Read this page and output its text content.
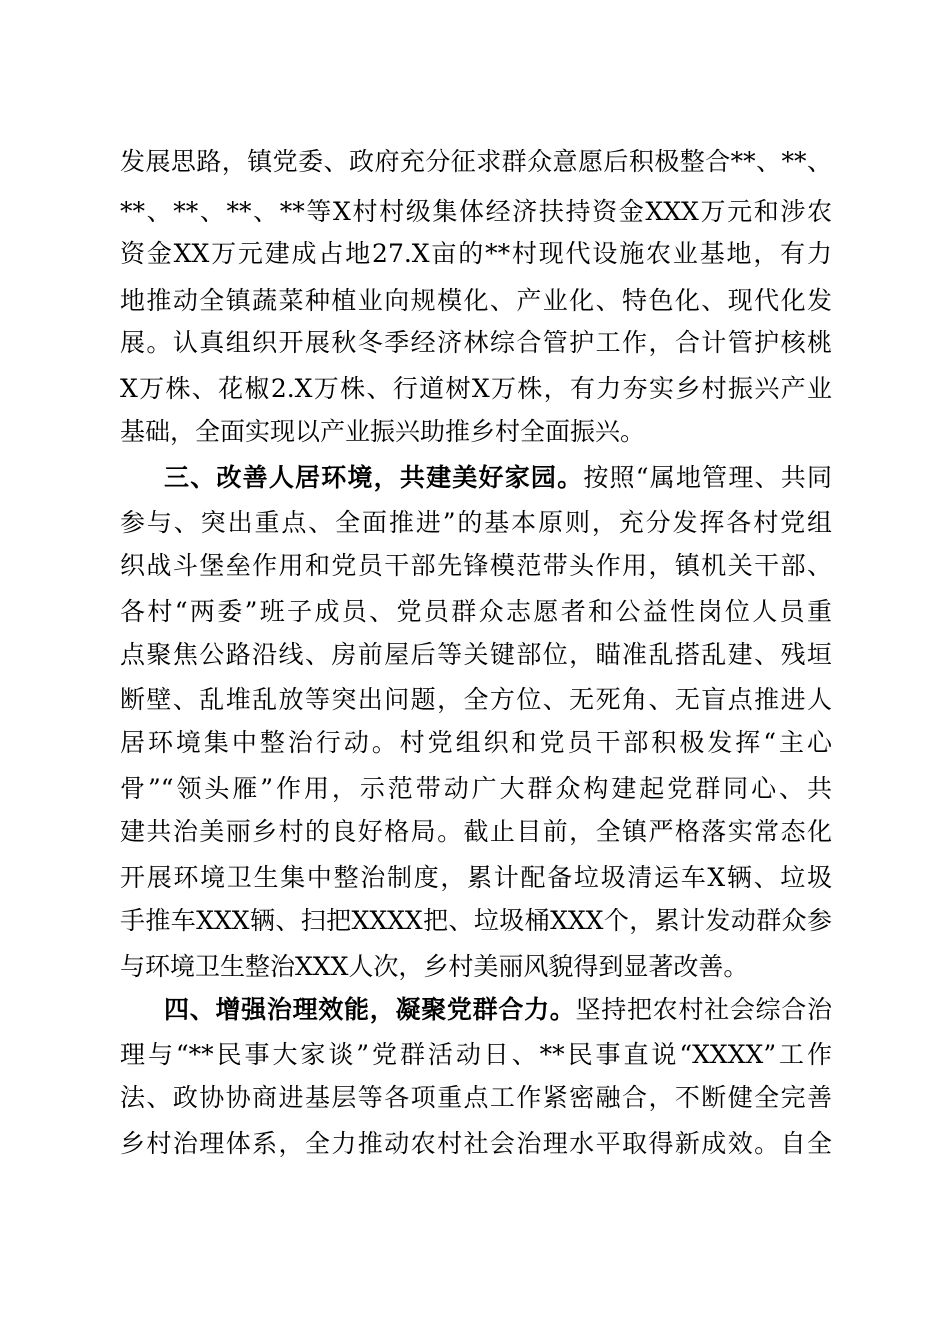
发展思路，镇党委、政府充分征求群众意愿后积极整合**、**、
**、**、**、**等X村村级集体经济扶持资金XXX万元和涉农
资金XX万元建成占地27.X亩的**村现代设施农业基地，有力
地推动全镇蔬菜种植业向规模化、产业化、特色化、现代化发
展。认真组织开展秋冬季经济林综合管护工作，合计管护核桃
X万株、花椒2.X万株、行道树X万株，有力夯实乡村振兴产业
基础，全面实现以产业振兴助推乡村全面振兴。
三、改善人居环境，共建美好家园。按照“属地管理、共同
参与、突出重点、全面推进”的基本原则，充分发挥各村党组
织战斗堡垒作用和党员干部先锋模范带头作用，镇机关干部、
各村“两委”班子成员、党员群众志愿者和公益性岗位人员重
点聚焦公路沿线、房前屋后等关键部位，瞄准乱搭乱建、残垣
断壁、乱堆乱放等突出问题，全方位、无死角、无盲点推进人
居环境集中整治行动。村党组织和党员干部积极发挥“主心
骨”“领头雁”作用，示范带动广大群众构建起党群同心、共
建共治美丽乡村的良好格局。截止目前，全镇严格落实常态化
开展环境卫生集中整治制度，累计配备垃圾清运车X辆、垃圾
手推车XXX辆、扫把XXXX把、垃圾桶XXX个，累计发动群众参
与环境卫生整治XXX人次，乡村美丽风貌得到显著改善。
四、增强治理效能，凝聚党群合力。坚持把农村社会综合治
理与“**民事大家谈”党群活动日、**民事直说“XXXX”工作
法、政协协商进基层等各项重点工作紧密融合，不断健全完善
乡村治理体系，全力推动农村社会治理水平取得新成效。自全
